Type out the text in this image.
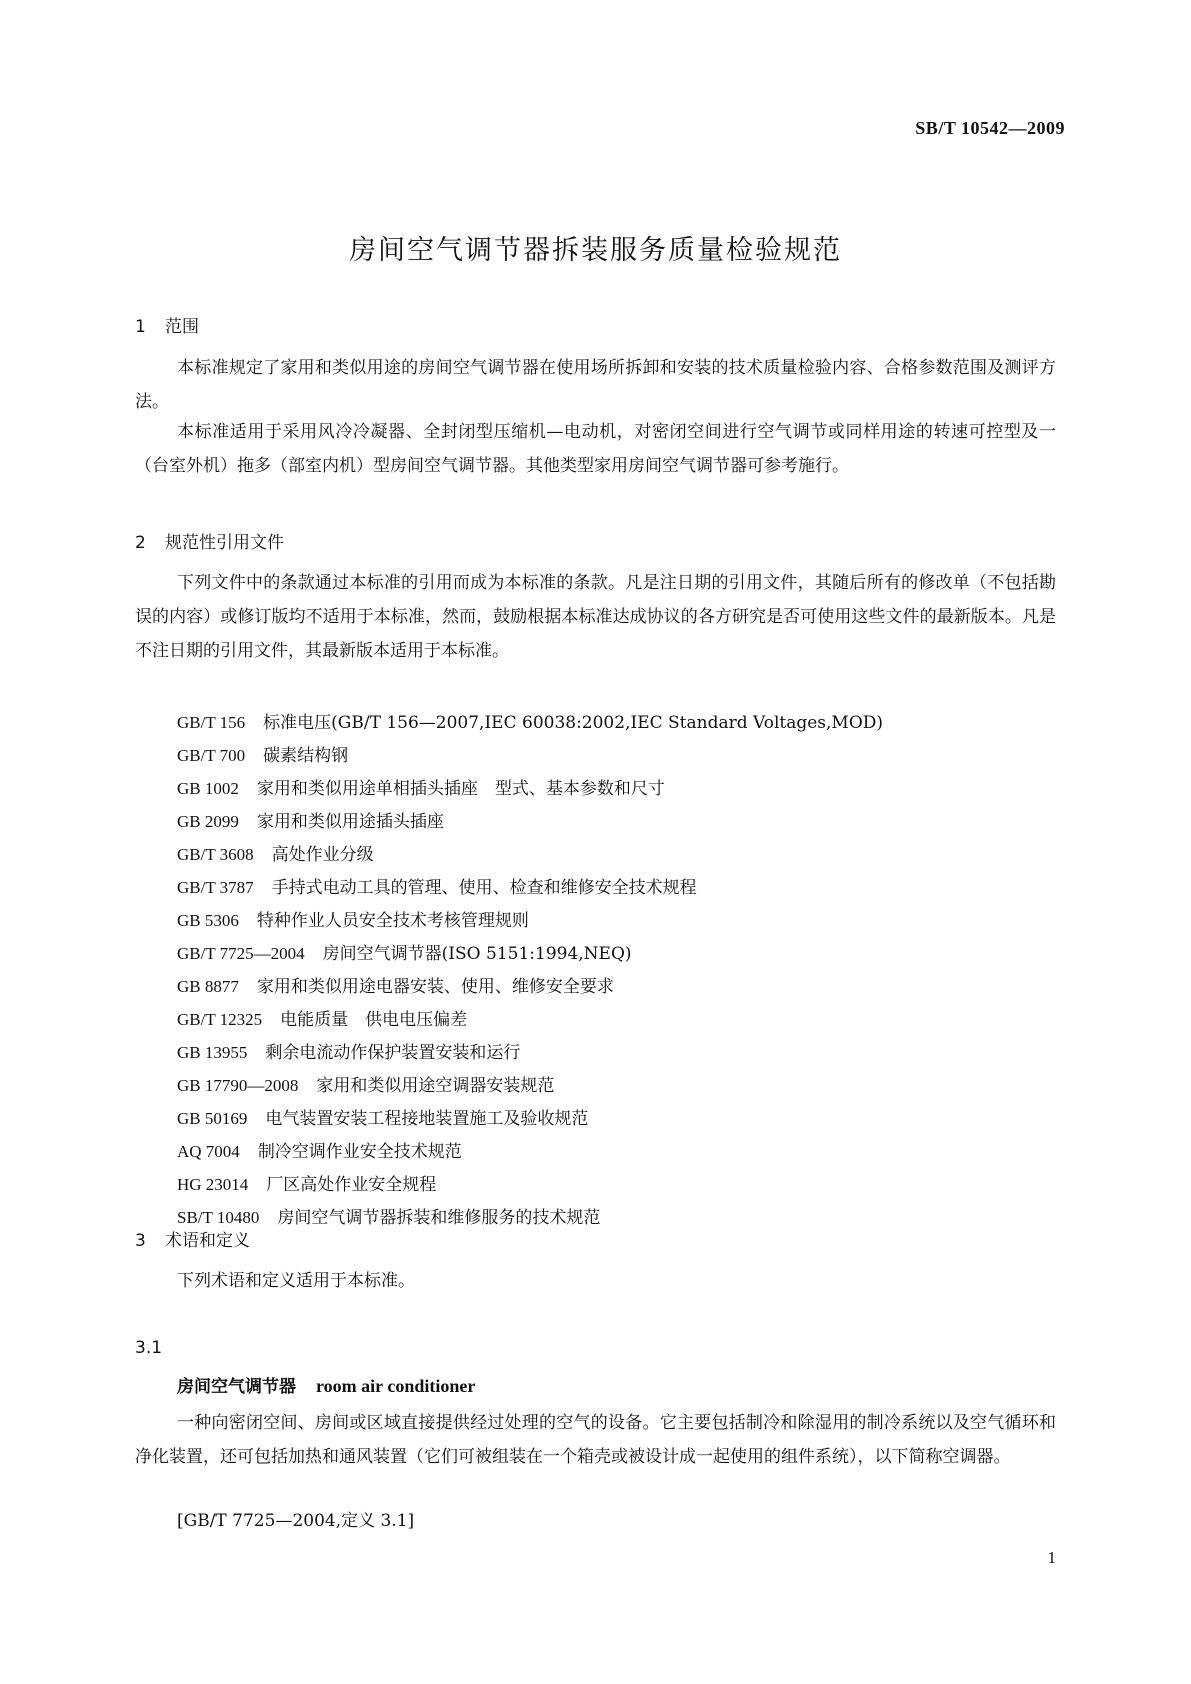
SB/T 10542—2009
房间空气调节器拆装服务质量检验规范
1 范围

本标准规定了家用和类似用途的房间空气调节器在使用场所拆卸和安装的技术质量检验内容、合格参数范围及测评方法。

本标准适用于采用风冷冷凝器、全封闭型压缩机—电动机，对密闭空间进行空气调节或同样用途的转速可控型及一（台室外机）拖多（部室内机）型房间空气调节器。其他类型家用房间空气调节器可参考施行。

2 规范性引用文件

下列文件中的条款通过本标准的引用而成为本标准的条款。凡是注日期的引用文件，其随后所有的修改单（不包括勘误的内容）或修订版均不适用于本标准，然而，鼓励根据本标准达成协议的各方研究是否可使用这些文件的最新版本。凡是不注日期的引用文件，其最新版本适用于本标准。

GB/T 156 标准电压(GB/T 156—2007,IEC 60038:2002,IEC Standard Voltages,MOD)
GB/T 700 碳素结构钢
GB 1002 家用和类似用途单相插头插座　型式、基本参数和尺寸
GB 2099 家用和类似用途插头插座
GB/T 3608 高处作业分级
GB/T 3787 手持式电动工具的管理、使用、检查和维修安全技术规程
GB 5306 特种作业人员安全技术考核管理规则
GB/T 7725—2004 房间空气调节器(ISO 5151:1994,NEQ)
GB 8877 家用和类似用途电器安装、使用、维修安全要求
GB/T 12325 电能质量　供电电压偏差
GB 13955 剩余电流动作保护装置安装和运行
GB 17790—2008 家用和类似用途空调器安装规范
GB 50169 电气装置安装工程接地装置施工及验收规范
AQ 7004 制冷空调作业安全技术规范
HG 23014 厂区高处作业安全规程
SB/T 10480 房间空气调节器拆装和维修服务的技术规范
3 术语和定义

下列术语和定义适用于本标准。

3.1
房间空气调节器 room air conditioner

一种向密闭空间、房间或区域直接提供经过处理的空气的设备。它主要包括制冷和除湿用的制冷系统以及空气循环和净化装置，还可包括加热和通风装置（它们可被组装在一个箱壳或被设计成一起使用的组件系统），以下简称空调器。

[GB/T 7725—2004,定义 3.1]
1
